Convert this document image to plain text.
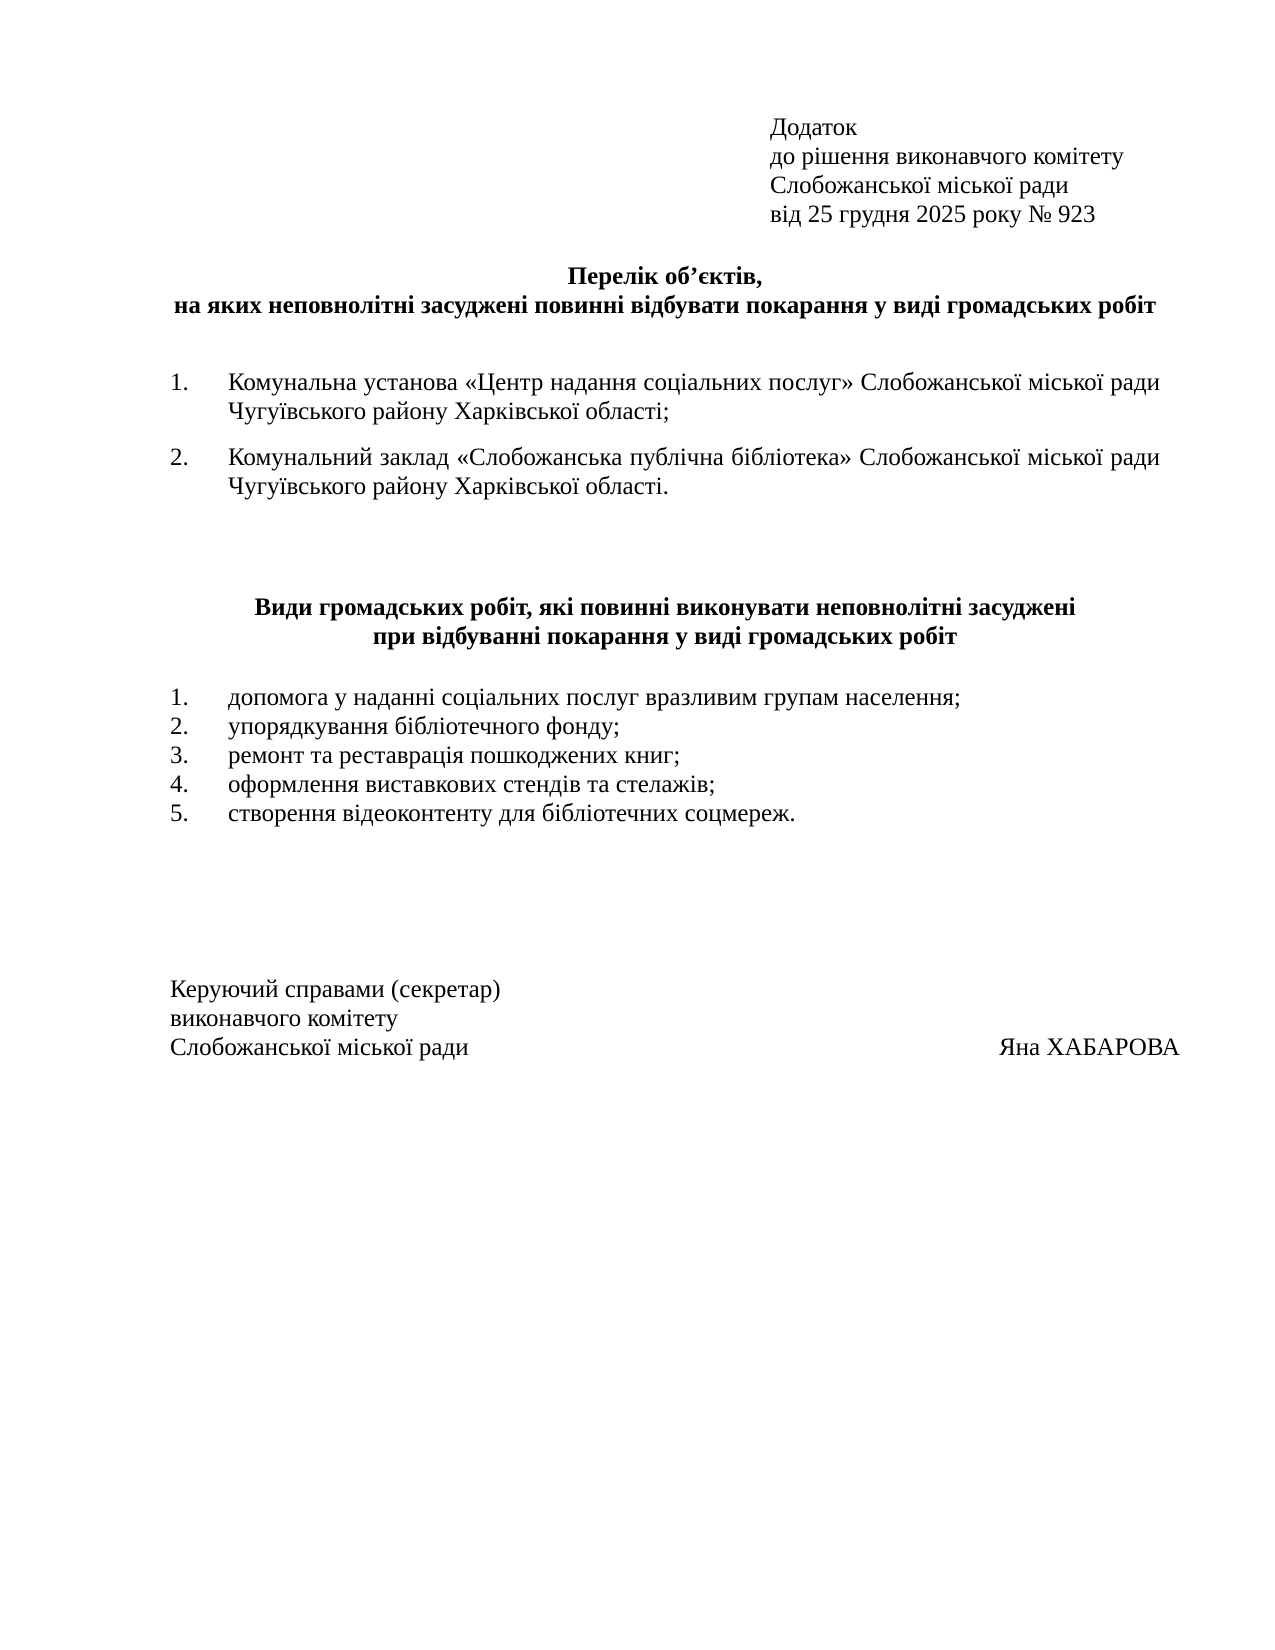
Додаток
до рішення виконавчого комітету
Слобожанської міської ради
від 25 грудня 2025 року № 923
Перелік об’єктів,
на яких неповнолітні засуджені повинні відбувати покарання у виді громадських робіт

1. Комунальна установа «Центр надання соціальних послуг» Слобожанської міської ради Чугуївського району Харківської області;

2. Комунальний заклад «Слобожанська публічна бібліотека» Слобожанської міської ради Чугуївського району Харківської області.

Види громадських робіт, які повинні виконувати неповнолітні засуджені
при відбуванні покарання у виді громадських робіт

1. допомога у наданні соціальних послуг вразливим групам населення;

2. упорядкування бібліотечного фонду;

3. ремонт та реставрація пошкоджених книг;

4. оформлення виставкових стендів та стелажів;

5. створення відеоконтенту для бібліотечних соцмереж.

Керуючий справами (секретар)
виконавчого комітету
Слобожанської міської ради	Яна ХАБАРОВА
